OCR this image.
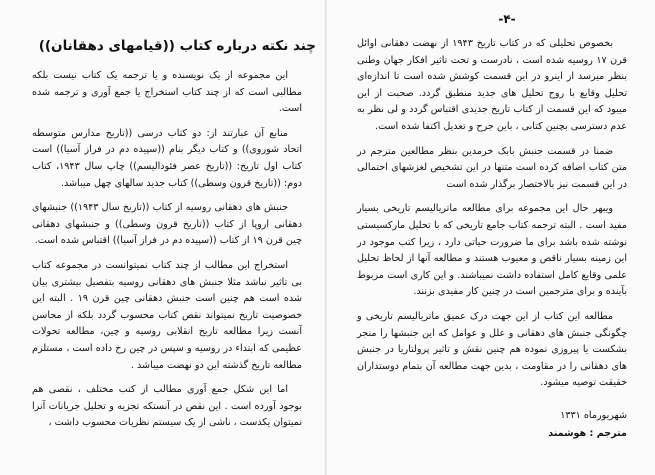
چند نکته درباره کتاب ((قیامهای دهقانان))

این مجموعه از یک نویسنده و یا ترجمه یک کتاب نیست بلکه مطالبی است که از چند کتاب استخراج یا جمع آوری و ترجمه شده است.

منابع آن عبارتند از: دو کتاب درسی ((تاریخ مدارس متوسطه اتحاد شوروی)) و کتاب دیگر بنام ((سپیده دم در فراز آسیا)) است کتاب اول تاریخ: ((تاریخ عصر فئودالیسم)) چاپ سال ۱۹۴۳، کتاب دوم: ((تاریخ قرون وسطی)) کتاب جدید سالهای چهل میباشد.

جنبش های دهقانی روسیه از کتاب ((تاریخ سال ۱۹۴۳)) جنبشهای دهقانی اروپا از کتاب ((تاریخ قرون وسطی)) و جنبشهای دهقانی چین قرن ۱۹ از کتاب ((سپیده دم در فراز آسیا)) اقتباس شده است.

استخراج این مطالب از چند کتاب نمیتوانست در مجموعه کتاب بی تاثیر نباشد مثلا جنبش های دهقانی روسیه بتفصیل بیشتری بیان شده است هم چنین است جنبش دهقانی چین قرن ۱۹ . البته این خصوصیت تاریخ نمیتواند نقص کتاب محسوب گردد بلکه از محاسن آنست زیرا مطالعه تاریخ انقلابی روسیه و چین، مطالعه تحولات عظیمی که ابتداء در روسیه و سپس در چین رخ داده است ، مستلزم مطالعه تاریخ گذشته این دو نهضت میباشد .

اما این شکل جمع آوری مطالب از کتب مختلف ، نقصی هم بوجود آورده است . این نقص در آنستکه تجزیه و تحلیل جریانات آنرا نمیتوان یکدست ، ناشی از یک سیستم نظریات محسوب داشت ،

-۴-

بخصوص تحلیلی که در کتاب تاریخ ۱۹۴۳ از نهضت دهقانی اوائل قرن ۱۷ روسیه شده است ، نادرست و تحت تاثیر افکار جهان وطنی بنظر میرسد از اینرو در این قسمت کوشش شده است تا اندازه‌ای تحلیل وقایع با روح تحلیل های جدید منطبق گردد. صحبت از این میبود که این قسمت از کتاب تاریخ جدیدی اقتباس گردد و لی نظر به عدم دسترسی بچنین کتابی ، باین جرح و تعدیل اکتفا شده است.

ضمنا در قسمت جنبش بابک خرمدین بنظر مطالعین مترجم در متن کتاب اضافه کرده است متنها در این تشخیص لغزشهای احتمالی در این قسمت نیز بالاختصار برگذار شده است

ویبهر حال این مجموعه برای مطالعه ماتریالیسم تاریخی بسیار مفید است . البته ترجمه کتاب جامع تاریخی که با تحلیل مارکسیستی نوشته شده باشد برای ما ضرورت حیاتی دارد ، زیرا کتب موجود در این زمینه بسیار ناقص و معیوب هستند و مطالعه آنها از لحاظ تحلیل علمی وقایع کامل استفاده داشت نمیباشند. و این کاری است مربوط بآینده و برای مترجمین است در چنین کار مفیدی بزنند.

مطالعه این کتاب از این جهت درک عمیق ماتریالیسم تاریخی و چگونگی جنبش های دهقانی و علل و عوامل که این جنبشها را منجر بشکست یا پیروزی نموده هم چنین نقش و تاثیر پرولتاریا در جنبش های دهقانی را در مقاومت ، بدین جهت مطالعه آن بتمام دوستداران حقیقت توصیه میشود.

شهریورماه ۱۳۳۱
مترجم : هوشمند
